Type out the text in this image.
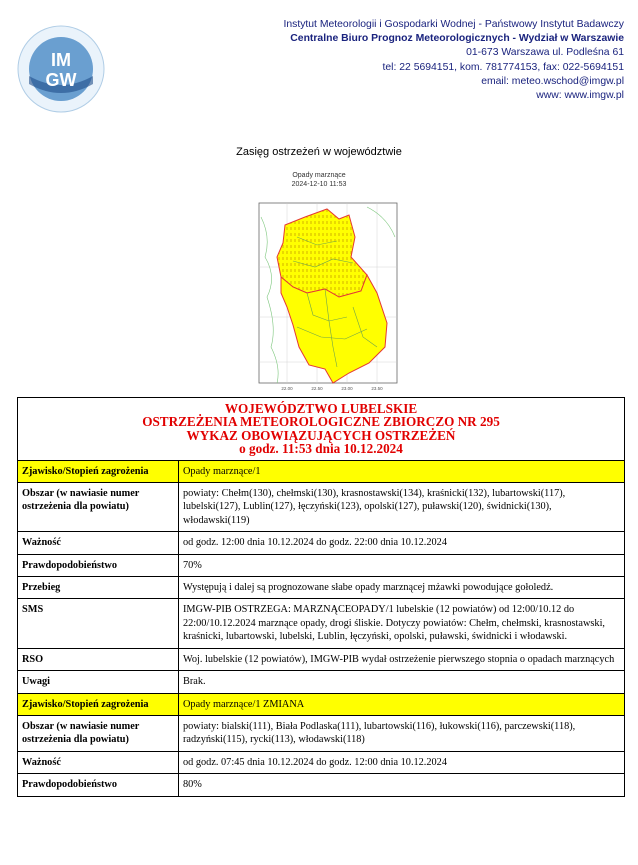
IM
GW
Instytut Meteorologii i Gospodarki Wodnej - Państwowy Instytut Badawczy
Centralne Biuro Prognoz Meteorologicznych - Wydział w Warszawie
01-673 Warszawa ul. Podleśna 61
tel: 22 5694151, kom. 781774153, fax: 022-5694151
email: meteo.wschod@imgw.pl
www: www.imgw.pl
Zasięg ostrzeżeń w województwie
Opady marznące
2024-12-10 11:53
22.00	22.50	23.00	23.50
WOJEWÓDZTWO LUBELSKIE
OSTRZEŻENIA METEOROLOGICZNE ZBIORCZO NR 295
WYKAZ OBOWIĄZUJĄCYCH OSTRZEŻEŃ
o godz. 11:53 dnia 10.12.2024	

Zjawisko/Stopień zagrożenia	Opady marznące/1
Obszar (w nawiasie numer ostrzeżenia dla powiatu)	powiaty: Chełm(130), chełmski(130), krasnostawski(134), kraśnicki(132), lubartowski(117), lubelski(127), Lublin(127), łęczyński(123), opolski(127), puławski(120), świdnicki(130), włodawski(119)
Ważność	od godz. 12:00 dnia 10.12.2024 do godz. 22:00 dnia 10.12.2024
Prawdopodobieństwo	70%
Przebieg	Występują i dalej są prognozowane słabe opady marznącej mżawki powodujące gołoledź.
SMS	IMGW-PIB OSTRZEGA: MARZNĄCEOPADY/1 lubelskie (12 powiatów) od 12:00/10.12 do 22:00/10.12.2024 marznące opady, drogi śliskie. Dotyczy powiatów: Chełm, chełmski, krasnostawski, kraśnicki, lubartowski, lubelski, Lublin, łęczyński, opolski, puławski, świdnicki i włodawski.
RSO	Woj. lubelskie (12 powiatów), IMGW-PIB wydał ostrzeżenie pierwszego stopnia o opadach marznących
Uwagi	Brak.
Zjawisko/Stopień zagrożenia	Opady marznące/1 ZMIANA
Obszar (w nawiasie numer ostrzeżenia dla powiatu)	powiaty: bialski(111), Biała Podlaska(111), lubartowski(116), łukowski(116), parczewski(118), radzyński(115), rycki(113), włodawski(118)
Ważność	od godz. 07:45 dnia 10.12.2024 do godz. 12:00 dnia 10.12.2024
Prawdopodobieństwo	80%
